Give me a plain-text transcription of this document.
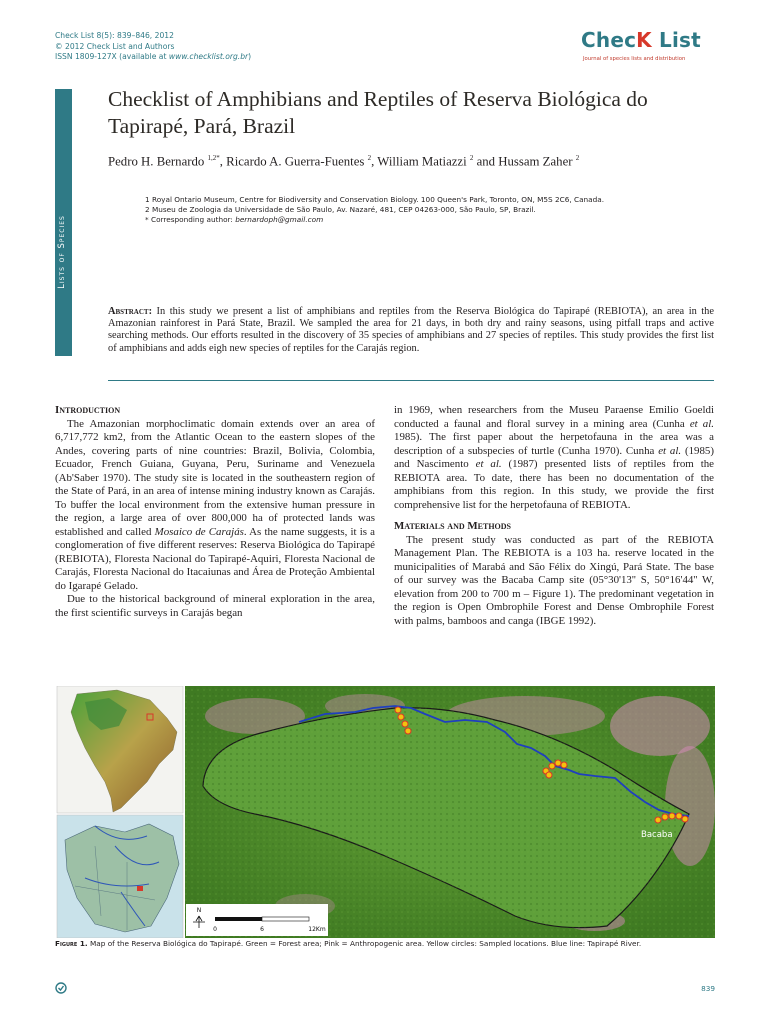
Check List 8(5): 839–846, 2012
© 2012 Check List and Authors
ISSN 1809-127X (available at www.checklist.org.br)
ChecK List
Journal of species lists and distribution
Lists of Species
Checklist of Amphibians and Reptiles of Reserva Biológica do Tapirapé, Pará, Brazil
Pedro H. Bernardo $^{1,2*}$, Ricardo A. Guerra-Fuentes $^2$, William Matiazzi $^2$ and Hussam Zaher $^2$
1 Royal Ontario Museum, Centre for Biodiversity and Conservation Biology. 100 Queen's Park, Toronto, ON, M5S 2C6, Canada.
2 Museu de Zoologia da Universidade de São Paulo, Av. Nazaré, 481, CEP 04263-000, São Paulo, SP, Brazil.
* Corresponding author: bernardoph@gmail.com
Abstract: In this study we present a list of amphibians and reptiles from the Reserva Biológica do Tapirapé (REBIOTA), an area in the Amazonian rainforest in Pará State, Brazil. We sampled the area for 21 days, in both dry and rainy seasons, using pitfall traps and active searching methods. Our efforts resulted in the discovery of 35 species of amphibians and 27 species of reptiles. This study provides the first list of amphibians and adds eigh new species of reptiles for the Carajás region.
Introduction

The Amazonian morphoclimatic domain extends over an area of 6,717,772 km2, from the Atlantic Ocean to the eastern slopes of the Andes, covering parts of nine countries: Brazil, Bolivia, Colombia, Ecuador, French Guiana, Guyana, Peru, Suriname and Venezuela (Ab'Saber 1970). The study site is located in the southeastern region of the State of Pará, in an area of intense mining industry known as Carajás. To buffer the local environment from the extensive human pressure in the region, a large area of over 800,000 ha of protected lands was established and called Mosaico de Carajás. As the name suggests, it is a conglomeration of five different reserves: Reserva Biológica do Tapirapé (REBIOTA), Floresta Nacional do Tapirapé-Aquiri, Floresta Nacional de Carajás, Floresta Nacional do Itacaiunas and Área de Proteção Ambiental do Igarapé Gelado.

Due to the historical background of mineral exploration in the area, the first scientific surveys in Carajás began

in 1969, when researchers from the Museu Paraense Emilio Goeldi conducted a faunal and floral survey in a mining area (Cunha et al. 1985). The first paper about the herpetofauna in the area was a description of a subspecies of turtle (Cunha 1970). Cunha et al. (1985) and Nascimento et al. (1987) presented lists of reptiles from the REBIOTA area. To date, there has been no documentation of the amphibians from this region. In this study, we provide the first comprehensive list for the herpetofauna of REBIOTA.

Materials and Methods

The present study was conducted as part of the REBIOTA Management Plan. The REBIOTA is a 103 ha. reserve located in the municipalities of Marabá and São Félix do Xingú, Pará State. The base of our survey was the Bacaba Camp site (05°30'13'' S, 50°16'44'' W, elevation from 200 to 700 m – Figure 1). The predominant vegetation in the region is Open Ombrophile Forest and Dense Ombrophile Forest with palms, bamboos and canga (IBGE 1992).

Bacaba
N
0	6	12Km
Figure 1. Map of the Reserva Biológica do Tapirapé. Green = Forest area; Pink = Anthropogenic area. Yellow circles: Sampled locations. Blue line: Tapirapé River.
839
